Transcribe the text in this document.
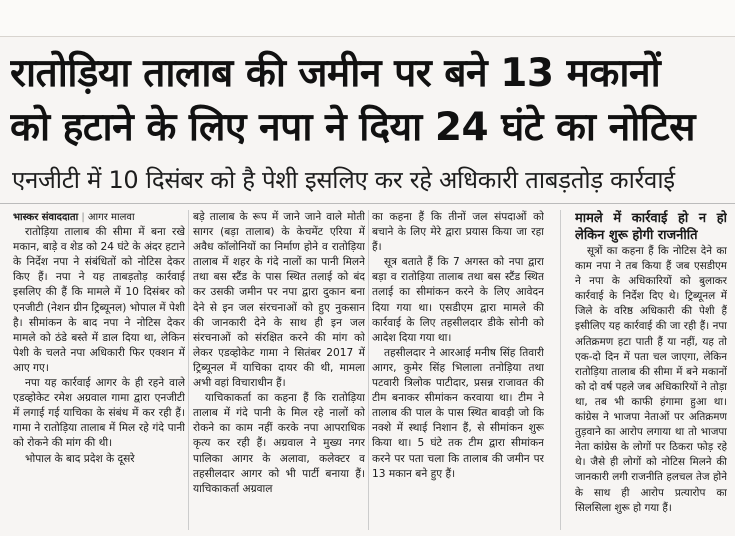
रातोड़िया तालाब की जमीन पर बने 13 मकानों
को हटाने के लिए नपा ने दिया 24 घंटे का नोटिस
एनजीटी में 10 दिसंबर को है पेशी इसलिए कर रहे अधिकारी ताबड़तोड़ कार्रवाई

भास्कर संवाददाता | आगर मालवा

रातोड़िया तालाब की सीमा में बना रखे मकान, बाड़े व शेड को 24 घंटे के अंदर हटाने के निर्देश नपा ने संबंधितों को नोटिस देकर किए हैं। नपा ने यह ताबड़तोड़ कार्रवाई इसलिए की हैं कि मामले में 10 दिसंबर को एनजीटी (नेशन ग्रीन ट्रिब्यूनल) भोपाल में पेशी है। सीमांकन के बाद नपा ने नोटिस देकर मामले को ठंडे बस्ते में डाल दिया था, लेकिन पेशी के चलते नपा अधिकारी फिर एक्शन में आए गए।

नपा यह कार्रवाई आगर के ही रहने वाले एडव्होकेट रमेश अग्रवाल गामा द्वारा एनजीटी में लगाई गई याचिका के संबंध में कर रही हैं। गामा ने रातोड़िया तालाब में मिल रहे गंदे पानी को रोकने की मांग की थी।

भोपाल के बाद प्रदेश के दूसरे

बड़े तालाब के रूप में जाने जाने वाले मोती सागर (बड़ा तालाब) के केचमेंट एरिया में अवैध कॉलोनियों का निर्माण होने व रातोड़िया तालाब में शहर के गंदे नालों का पानी मिलने तथा बस स्टैंड के पास स्थित तलाई को बंद कर उसकी जमीन पर नपा द्वारा दुकान बना देने से इन जल संरचनाओं को हुए नुकसान की जानकारी देने के साथ ही इन जल संरचनाओं को संरक्षित करने की मांग को लेकर एडव्होकेट गामा ने सितंबर 2017 में ट्रिब्यूनल में याचिका दायर की थी, मामला अभी वहां विचाराधीन हैं।

याचिकाकर्ता का कहना हैं कि रातोड़िया तालाब में गंदे पानी के मिल रहे नालों को रोकने का काम नहीं करके नपा आपराधिक कृत्य कर रही हैं। अग्रवाल ने मुख्य नगर पालिका आगर के अलावा, कलेक्टर व तहसीलदार आगर को भी पार्टी बनाया हैं। याचिकाकर्ता अग्रवाल

का कहना हैं कि तीनों जल संपदाओं को बचाने के लिए मेरे द्वारा प्रयास किया जा रहा हैं।

सूत्र बताते हैं कि 7 अगस्त को नपा द्वारा बड़ा व रातोड़िया तालाब तथा बस स्टैंड स्थित तलाई का सीमांकन करने के लिए आवेदन दिया गया था। एसडीएम द्वारा मामले की कार्रवाई के लिए तहसीलदार डीके सोनी को आदेश दिया गया था।

तहसीलदार ने आरआई मनीष सिंह तिवारी आगर, कुमेर सिंह भिलाला तनोड़िया तथा पटवारी त्रिलोक पाटीदार, प्रसन्न राजावत की टीम बनाकर सीमांकन करवाया था। टीम ने तालाब की पाल के पास स्थित बावड़ी जो कि नक्शे में स्थाई निशान हैं, से सीमांकन शुरू किया था। 5 घंटे तक टीम द्वारा सीमांकन करने पर पता चला कि तालाब की जमीन पर 13 मकान बने हुए हैं।

मामले में कार्रवाई हो न हो लेकिन शुरू होगी राजनीति

सूत्रों का कहना हैं कि नोटिस देने का काम नपा ने तब किया हैं जब एसडीएम ने नपा के अधिकारियों को बुलाकर कार्रवाई के निर्देश दिए थे। ट्रिब्यूनल में जिले के वरिष्ठ अधिकारी की पेशी हैं इसीलिए यह कार्रवाई की जा रही हैं। नपा अतिक्रमण हटा पाती हैं या नहीं, यह तो एक-दो दिन में पता चल जाएगा, लेकिन रातोड़िया तालाब की सीमा में बने मकानों को दो वर्ष पहले जब अधिकारियों ने तोड़ा था, तब भी काफी हंगामा हुआ था। कांग्रेस ने भाजपा नेताओं पर अतिक्रमण तुड़वाने का आरोप लगाया था तो भाजपा नेता कांग्रेस के लोगों पर ठिकरा फोड़ रहे थे। जैसे ही लोगों को नोटिस मिलने की जानकारी लगी राजनीति हलचल तेज होने के साथ ही आरोप प्रत्यारोप का सिलसिला शुरू हो गया हैं।
